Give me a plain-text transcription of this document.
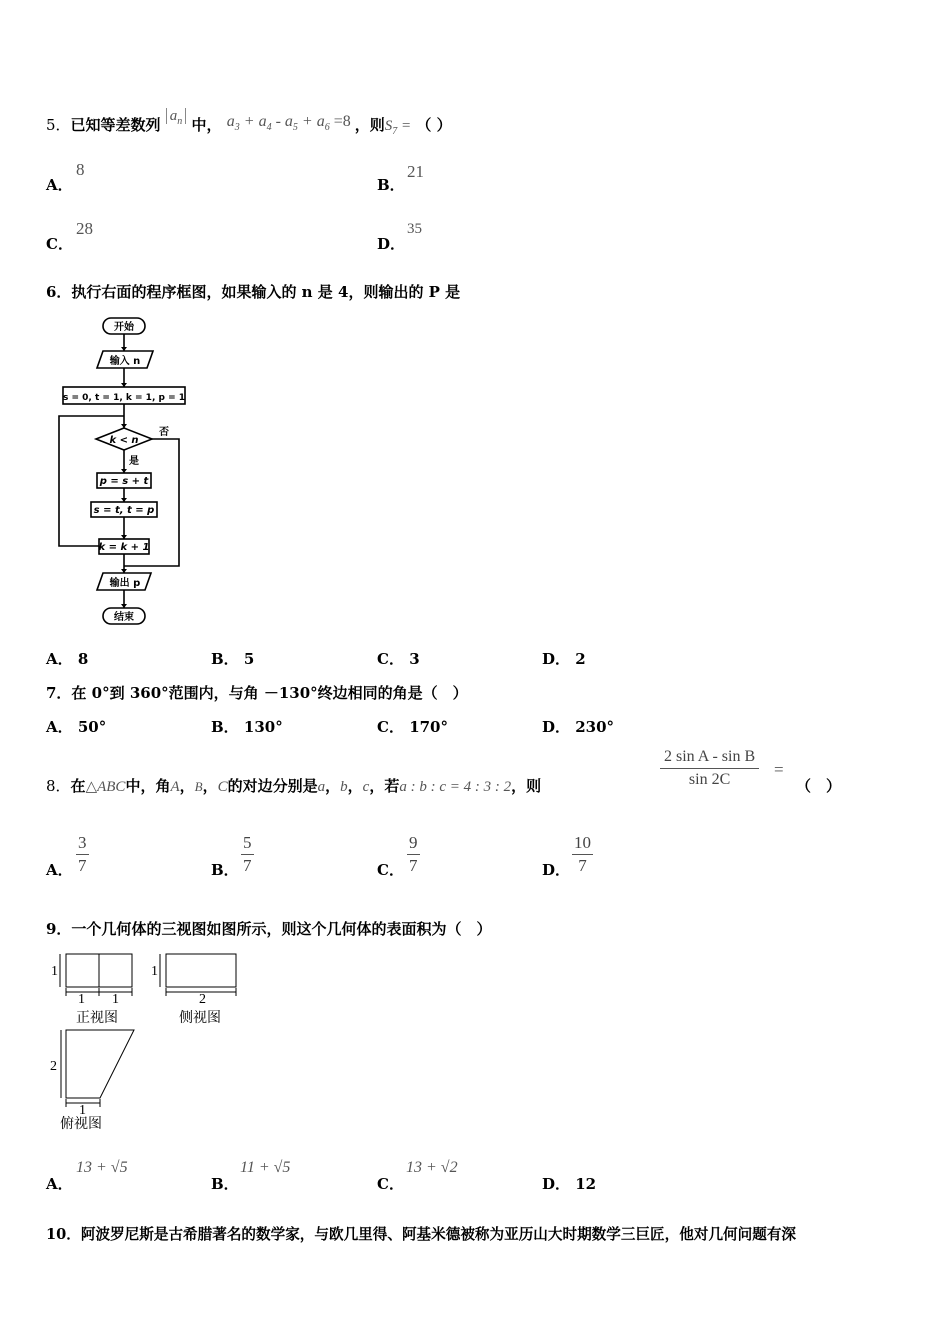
5．已知等差数列 $a_n$ 中， $a_3 + a_4 - a_5 + a_6 =8$ ，则$S_7$ = （ ）
A．
8
B．
21
C．
28
D．
35
6．执行右面的程序框图，如果输入的 n 是 4，则输出的 P 是
开始
输入 n
s = 0, t = 1, k = 1, p = 1
k < n
p = s + t
s = t, t = p
k = k + 1
输出 p
结束
否
是
A． 8	B． 5	C． 3	D． 2
7．在 0°到 360°范围内，与角 －130°终边相同的角是（　）
A． 50°	B． 130°	C． 170°	D． 230°
8．在△ABC中，角A，B，C的对边分别是a，b，c，若a : b : c = 4 : 3 : 2，则	$\frac{\text{2 sin A - sin B}}{\sin 2C}$ =
（　）
A． $\frac{3}{7}$	B． $\frac{5}{7}$	C． $\frac{9}{7}$	D． $\frac{10}{7}$
9．一个几何体的三视图如图所示，则这个几何体的表面积为（　）
1
1 1
1
2
2
1
正视图	侧视图
俯视图
A．
13 + √5
B．
11 + √5
C．
13 + √2
D． 12
10．阿波罗尼斯是古希腊著名的数学家，与欧几里得、阿基米德被称为亚历山大时期数学三巨匠，他对几何问题有深
